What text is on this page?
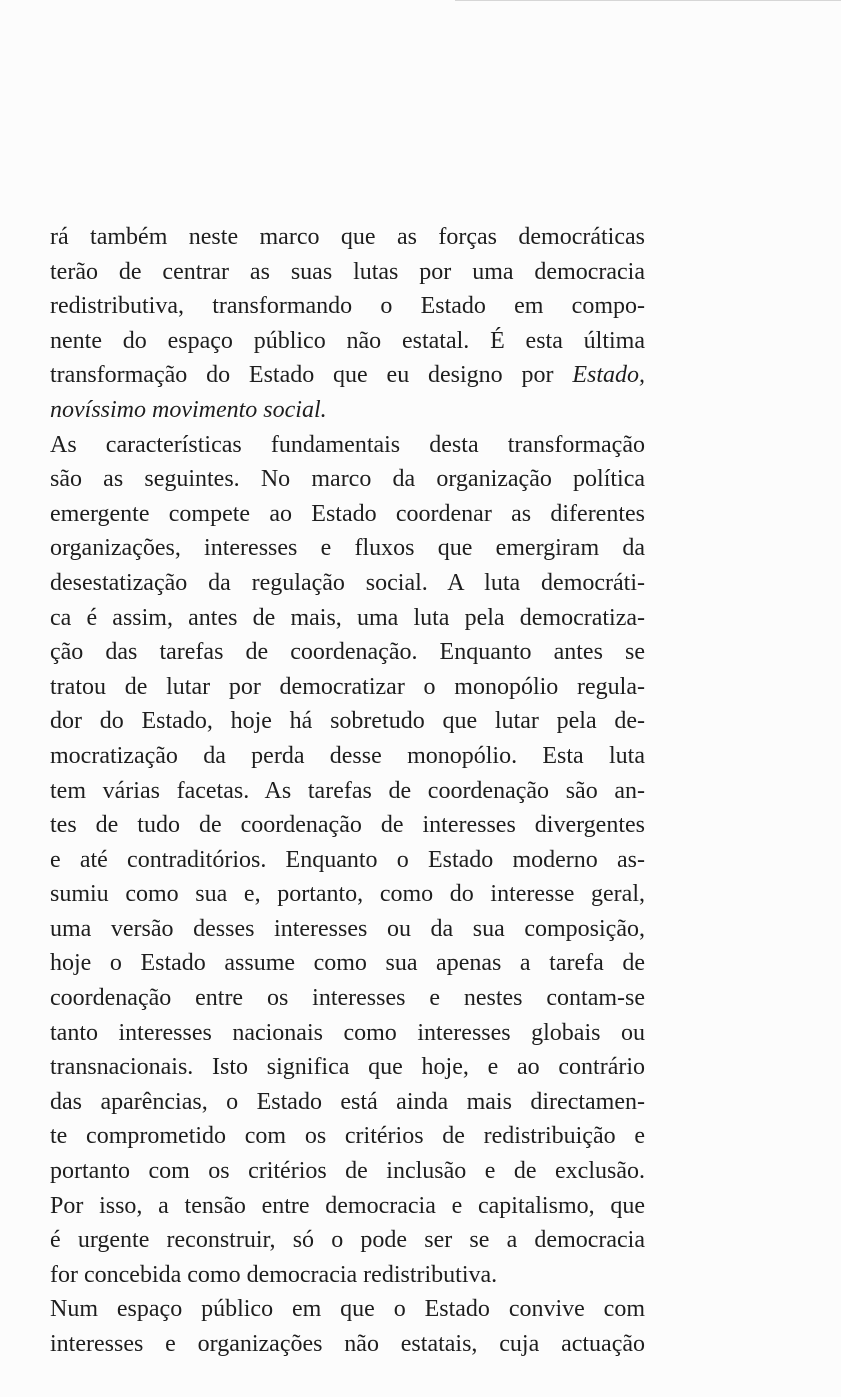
rá também neste marco que as forças democráticas
terão de centrar as suas lutas por uma democracia
redistributiva, transformando o Estado em compo-
nente do espaço público não estatal. É esta última
transformação do Estado que eu designo por Estado,
novíssimo movimento social.
As características fundamentais desta transformação
são as seguintes. No marco da organização política
emergente compete ao Estado coordenar as diferentes
organizações, interesses e fluxos que emergiram da
desestatização da regulação social. A luta democráti-
ca é assim, antes de mais, uma luta pela democratiza-
ção das tarefas de coordenação. Enquanto antes se
tratou de lutar por democratizar o monopólio regula-
dor do Estado, hoje há sobretudo que lutar pela de-
mocratização da perda desse monopólio. Esta luta
tem várias facetas. As tarefas de coordenação são an-
tes de tudo de coordenação de interesses divergentes
e até contraditórios. Enquanto o Estado moderno as-
sumiu como sua e, portanto, como do interesse geral,
uma versão desses interesses ou da sua composição,
hoje o Estado assume como sua apenas a tarefa de
coordenação entre os interesses e nestes contam-se
tanto interesses nacionais como interesses globais ou
transnacionais. Isto significa que hoje, e ao contrário
das aparências, o Estado está ainda mais directamen-
te comprometido com os critérios de redistribuição e
portanto com os critérios de inclusão e de exclusão.
Por isso, a tensão entre democracia e capitalismo, que
é urgente reconstruir, só o pode ser se a democracia
for concebida como democracia redistributiva.
Num espaço público em que o Estado convive com
interesses e organizações não estatais, cuja actuação
